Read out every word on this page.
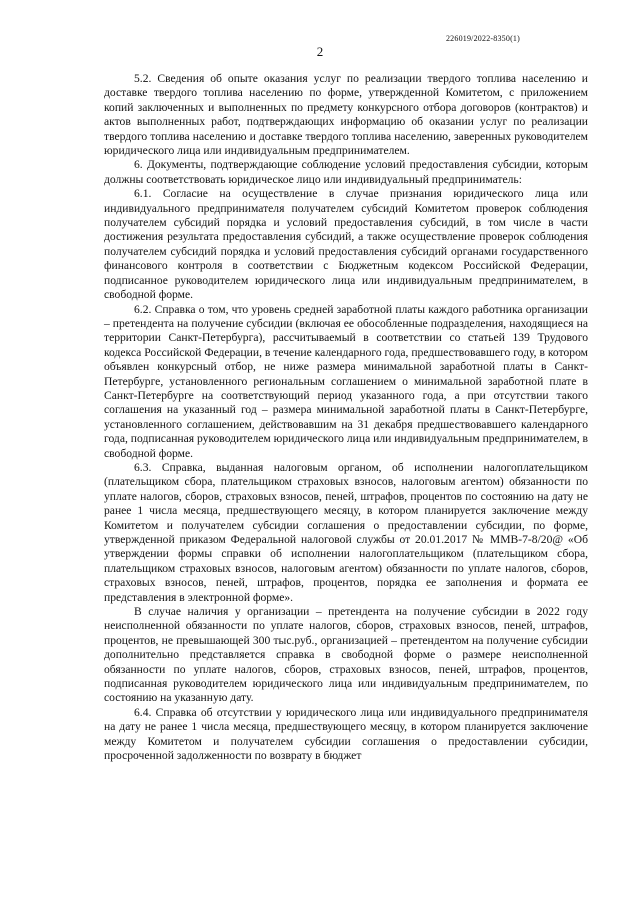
226019/2022-8350(1)
2

5.2. Сведения об опыте оказания услуг по реализации твердого топлива населению и доставке твердого топлива населению по форме, утвержденной Комитетом, с приложением копий заключенных и выполненных по предмету конкурсного отбора договоров (контрактов) и актов выполненных работ, подтверждающих информацию об оказании услуг по реализации твердого топлива населению и доставке твердого топлива населению, заверенных руководителем юридического лица или индивидуальным предпринимателем.

6. Документы, подтверждающие соблюдение условий предоставления субсидии, которым должны соответствовать юридическое лицо или индивидуальный предприниматель:

6.1. Согласие на осуществление в случае признания юридического лица или индивидуального предпринимателя получателем субсидий Комитетом проверок соблюдения получателем субсидий порядка и условий предоставления субсидий, в том числе в части достижения результата предоставления субсидий, а также осуществление проверок соблюдения получателем субсидий порядка и условий предоставления субсидий органами государственного финансового контроля в соответствии с Бюджетным кодексом Российской Федерации, подписанное руководителем юридического лица или индивидуальным предпринимателем, в свободной форме.

6.2. Справка о том, что уровень средней заработной платы каждого работника организации – претендента на получение субсидии (включая ее обособленные подразделения, находящиеся на территории Санкт-Петербурга), рассчитываемый в соответствии со статьей 139 Трудового кодекса Российской Федерации, в течение календарного года, предшествовавшего году, в котором объявлен конкурсный отбор, не ниже размера минимальной заработной платы в Санкт-Петербурге, установленного региональным соглашением о минимальной заработной плате в Санкт-Петербурге на соответствующий период указанного года, а при отсутствии такого соглашения на указанный год – размера минимальной заработной платы в Санкт-Петербурге, установленного соглашением, действовавшим на 31 декабря предшествовавшего календарного года, подписанная руководителем юридического лица или индивидуальным предпринимателем, в свободной форме.

6.3. Справка, выданная налоговым органом, об исполнении налогоплательщиком (плательщиком сбора, плательщиком страховых взносов, налоговым агентом) обязанности по уплате налогов, сборов, страховых взносов, пеней, штрафов, процентов по состоянию на дату не ранее 1 числа месяца, предшествующего месяцу, в котором планируется заключение между Комитетом и получателем субсидии соглашения о предоставлении субсидии, по форме, утвержденной приказом Федеральной налоговой службы от 20.01.2017 № ММВ-7-8/20@ «Об утверждении формы справки об исполнении налогоплательщиком (плательщиком сбора, плательщиком страховых взносов, налоговым агентом) обязанности по уплате налогов, сборов, страховых взносов, пеней, штрафов, процентов, порядка ее заполнения и формата ее представления в электронной форме».

В случае наличия у организации – претендента на получение субсидии в 2022 году неисполненной обязанности по уплате налогов, сборов, страховых взносов, пеней, штрафов, процентов, не превышающей 300 тыс.руб., организацией – претендентом на получение субсидии дополнительно представляется справка в свободной форме о размере неисполненной обязанности по уплате налогов, сборов, страховых взносов, пеней, штрафов, процентов, подписанная руководителем юридического лица или индивидуальным предпринимателем, по состоянию на указанную дату.

6.4. Справка об отсутствии у юридического лица или индивидуального предпринимателя на дату не ранее 1 числа месяца, предшествующего месяцу, в котором планируется заключение между Комитетом и получателем субсидии соглашения о предоставлении субсидии, просроченной задолженности по возврату в бюджет
